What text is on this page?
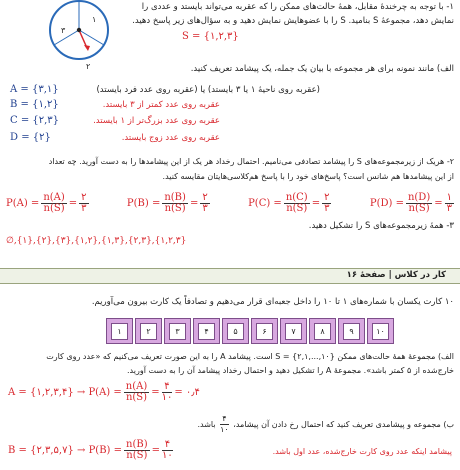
۱
۳
۲
۱- با توجه به چرخندهٔ مقابل، همهٔ حالت‌های ممکن را که عقربه می‌تواند بایستد و عددی را
نمایش دهد، مجموعهٔ S بنامید. S را با عضوهایش نمایش دهید و به سؤال‌های زیر پاسخ دهید.
S = {۱,۲,۳}
الف) مانند نمونه برای هر مجموعه با بیان یک جمله، یک پیشامد تعریف کنید.
A = {۳,۱}	(عقربه روی ناحیهٔ ۱ یا ۳ بایستد) یا (عقربه روی عدد فرد بایستد)
B = {۱,۲}	عقربه روی عدد کمتر از ۳ بایستد.
C = {۲,۳}	عقربه روی عدد بزرگ‌تر از ۱ بایستد.
D = {۲}	عقربه روی عدد زوج بایستد.
۲- هریک از زیرمجموعه‌های S را پیشامد تصادفی می‌نامیم. احتمال رخداد هر یک از این پیشامدها را به دست آورید. چه تعداد
از این پیشامدها هم شانس است؟ پاسخ‌های خود را با پاسخ هم‌کلاسی‌هایتان مقایسه کنید.
$P(A) = \frac{n(A)}{n(S)} = \frac{۲}{۳}$	$P(B) = \frac{n(B)}{n(S)} = \frac{۲}{۳}$	$P(C) = \frac{n(C)}{n(S)} = \frac{۲}{۳}$	$P(D) = \frac{n(D)}{n(S)} = \frac{۱}{۳}$
۳- همهٔ زیرمجموعه‌های S را تشکیل دهید.
∅,{۱},{۲},{۳},{۱,۲},{۱,۳},{۲,۳},{۱,۲,۳}
کار در کلاس | صفحهٔ ۱۶
۱۰ کارت یکسان با شماره‌های ۱ تا ۱۰ را داخل جعبه‌ای قرار می‌دهیم و تصادفاً یک کارت بیرون می‌آوریم.
۱	۲	۳	۴	۵	۶	۷	۸	۹	۱۰
الف) مجموعهٔ همهٔ حالت‌های ممکن {۱۰,...,۲,۱} = S است. پیشامد A را به این صورت تعریف می‌کنیم که «عدد روی کارت
خارج‌شده از ۵ کمتر باشد». مجموعهٔ A را تشکیل دهید و احتمال رخداد پیشامد آن را به دست آورید.
A = {۱,۲,۳,۴} → $P(A) = \frac{n(A)}{n(S)} = \frac{۴}{۱۰}$ = ۰٫۴
ب) مجموعه و پیشامدی تعریف کنید که احتمال رخ دادن آن پیشامد،
$\frac{۴}{۱۰}$
باشد.
B = {۲,۳,۵,۷} → $P(B) = \frac{n(B)}{n(S)} = \frac{۴}{۱۰}$	پیشامد اینکه عدد روی کارت خارج‌شده، عدد اول باشد.
